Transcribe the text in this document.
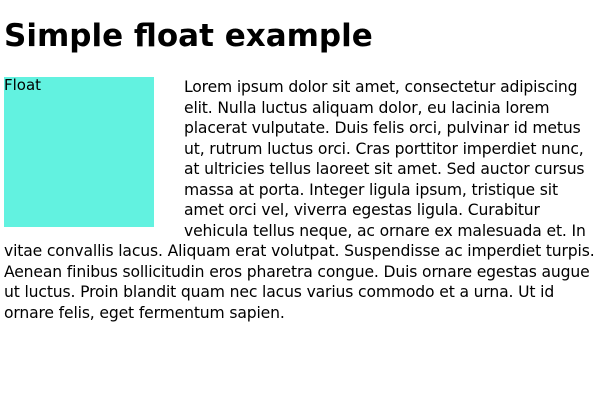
Simple float example
Float	Lorem ipsum dolor sit amet, consectetur adipiscing elit. Nulla luctus aliquam dolor, eu lacinia lorem placerat vulputate. Duis felis orci, pulvinar id metus ut, rutrum luctus orci. Cras porttitor imperdiet nunc, at ultricies tellus laoreet sit amet. Sed auctor cursus massa at porta. Integer ligula ipsum, tristique sit amet orci vel, viverra egestas ligula. Curabitur vehicula tellus neque, ac ornare ex malesuada et. In vitae convallis lacus. Aliquam erat volutpat. Suspendisse ac imperdiet turpis. Aenean finibus sollicitudin eros pharetra congue. Duis ornare egestas augue ut luctus. Proin blandit quam nec lacus varius commodo et a urna. Ut id ornare felis, eget fermentum sapien.
